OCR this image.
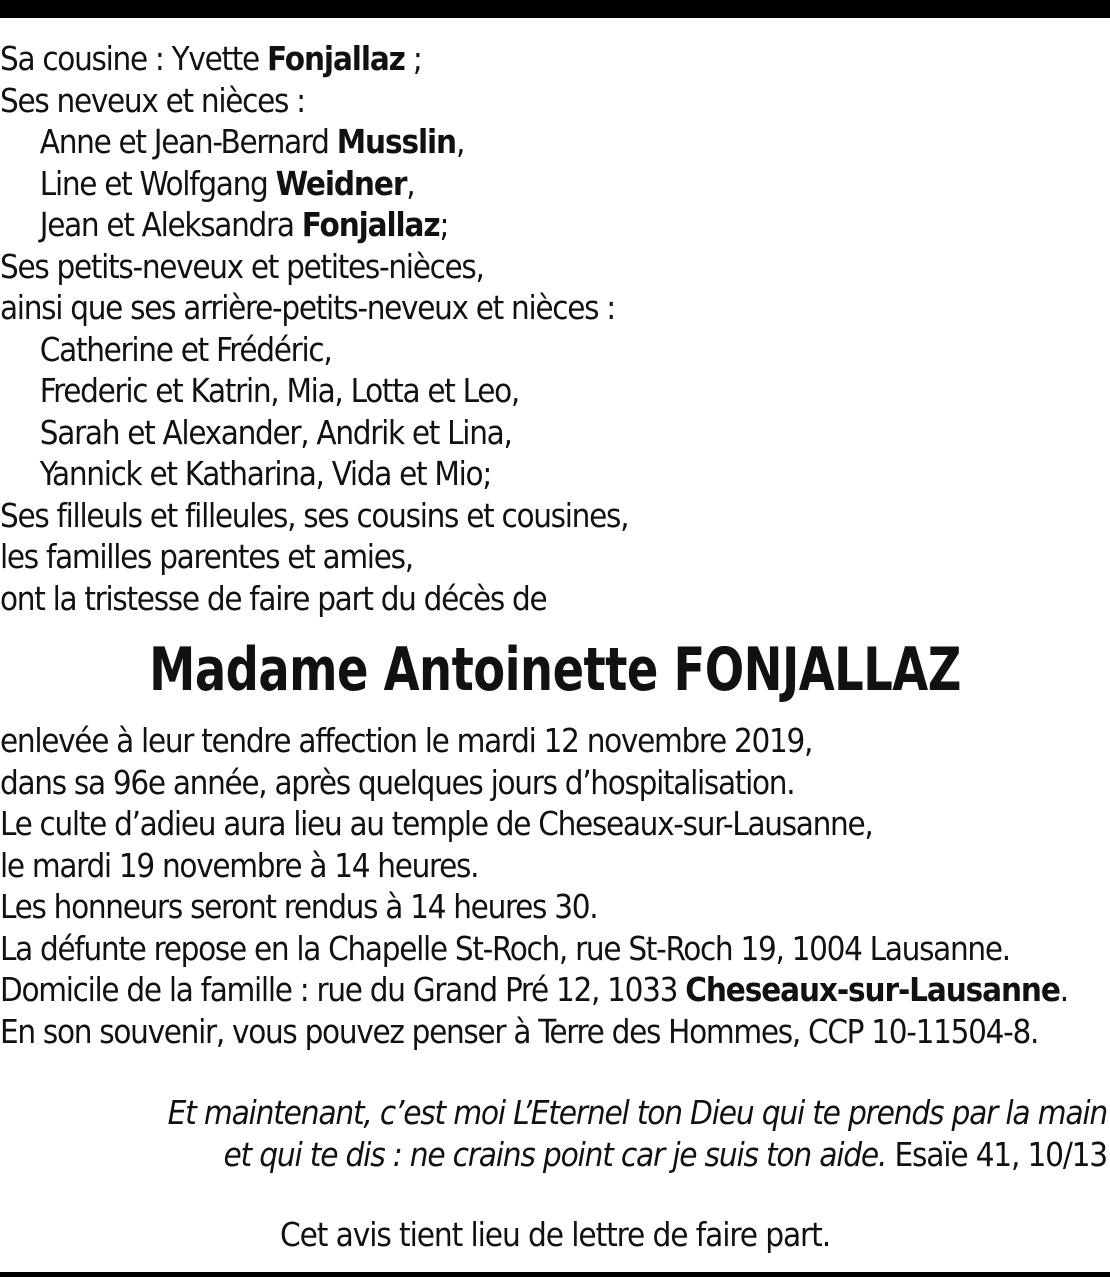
Sa cousine : Yvette Fonjallaz ;
Ses neveux et nièces :
Anne et Jean-Bernard Musslin,
Line et Wolfgang Weidner,
Jean et Aleksandra Fonjallaz;
Ses petits-neveux et petites-nièces,
ainsi que ses arrière-petits-neveux et nièces :
Catherine et Frédéric,
Frederic et Katrin, Mia, Lotta et Leo,
Sarah et Alexander, Andrik et Lina,
Yannick et Katharina, Vida et Mio;
Ses filleuls et filleules, ses cousins et cousines,
les familles parentes et amies,
ont la tristesse de faire part du décès de
Madame Antoinette FONJALLAZ
enlevée à leur tendre affection le mardi 12 novembre 2019,
dans sa 96e année, après quelques jours d’hospitalisation.
Le culte d’adieu aura lieu au temple de Cheseaux-sur-Lausanne,
le mardi 19 novembre à 14 heures.
Les honneurs seront rendus à 14 heures 30.
La défunte repose en la Chapelle St-Roch, rue St-Roch 19, 1004 Lausanne.
Domicile de la famille : rue du Grand Pré 12, 1033 Cheseaux-sur-Lausanne.
En son souvenir, vous pouvez penser à Terre des Hommes, CCP 10-11504-8.
Et maintenant, c’est moi L’Eternel ton Dieu qui te prends par la main
et qui te dis : ne crains point car je suis ton aide. Esaïe 41, 10/13
Cet avis tient lieu de lettre de faire part.
